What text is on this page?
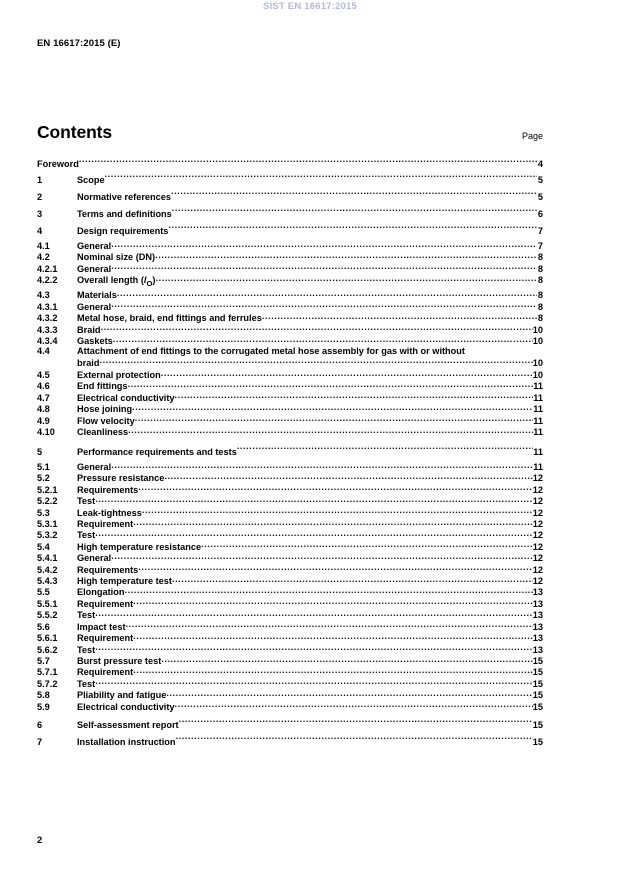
SIST EN 16617:2015
EN 16617:2015 (E)
Contents	Page
Foreword .....	4
1	Scope .....	5
2	Normative references .....	5
3	Terms and definitions .....	6
4	Design requirements .....	7
4.1	General .....	7
4.2	Nominal size (DN) .....	8
4.2.1	General .....	8
4.2.2	Overall length $(l_O)$ .....	8
4.3	Materials .....	8
4.3.1	General .....	8
4.3.2	Metal hose, braid, end fittings and ferrules .....	8
4.3.3	Braid .....	10
4.3.4	Gaskets .....	10
4.4	Attachment of end fittings to the corrugated metal hose assembly for gas with or without
braid .....	10
4.5	External protection .....	10
4.6	End fittings .....	11
4.7	Electrical conductivity .....	11
4.8	Hose joining .....	11
4.9	Flow velocity .....	11
4.10	Cleanliness .....	11
5	Performance requirements and tests .....	11
5.1	General .....	11
5.2	Pressure resistance .....	12
5.2.1	Requirements .....	12
5.2.2	Test .....	12
5.3	Leak-tightness .....	12
5.3.1	Requirement .....	12
5.3.2	Test .....	12
5.4	High temperature resistance .....	12
5.4.1	General .....	12
5.4.2	Requirements .....	12
5.4.3	High temperature test .....	12
5.5	Elongation .....	13
5.5.1	Requirement .....	13
5.5.2	Test .....	13
5.6	Impact test .....	13
5.6.1	Requirement .....	13
5.6.2	Test .....	13
5.7	Burst pressure test .....	15
5.7.1	Requirement .....	15
5.7.2	Test .....	15
5.8	Pliability and fatigue .....	15
5.9	Electrical conductivity .....	15
6	Self-assessment report .....	15
7	Installation instruction .....	15
2
